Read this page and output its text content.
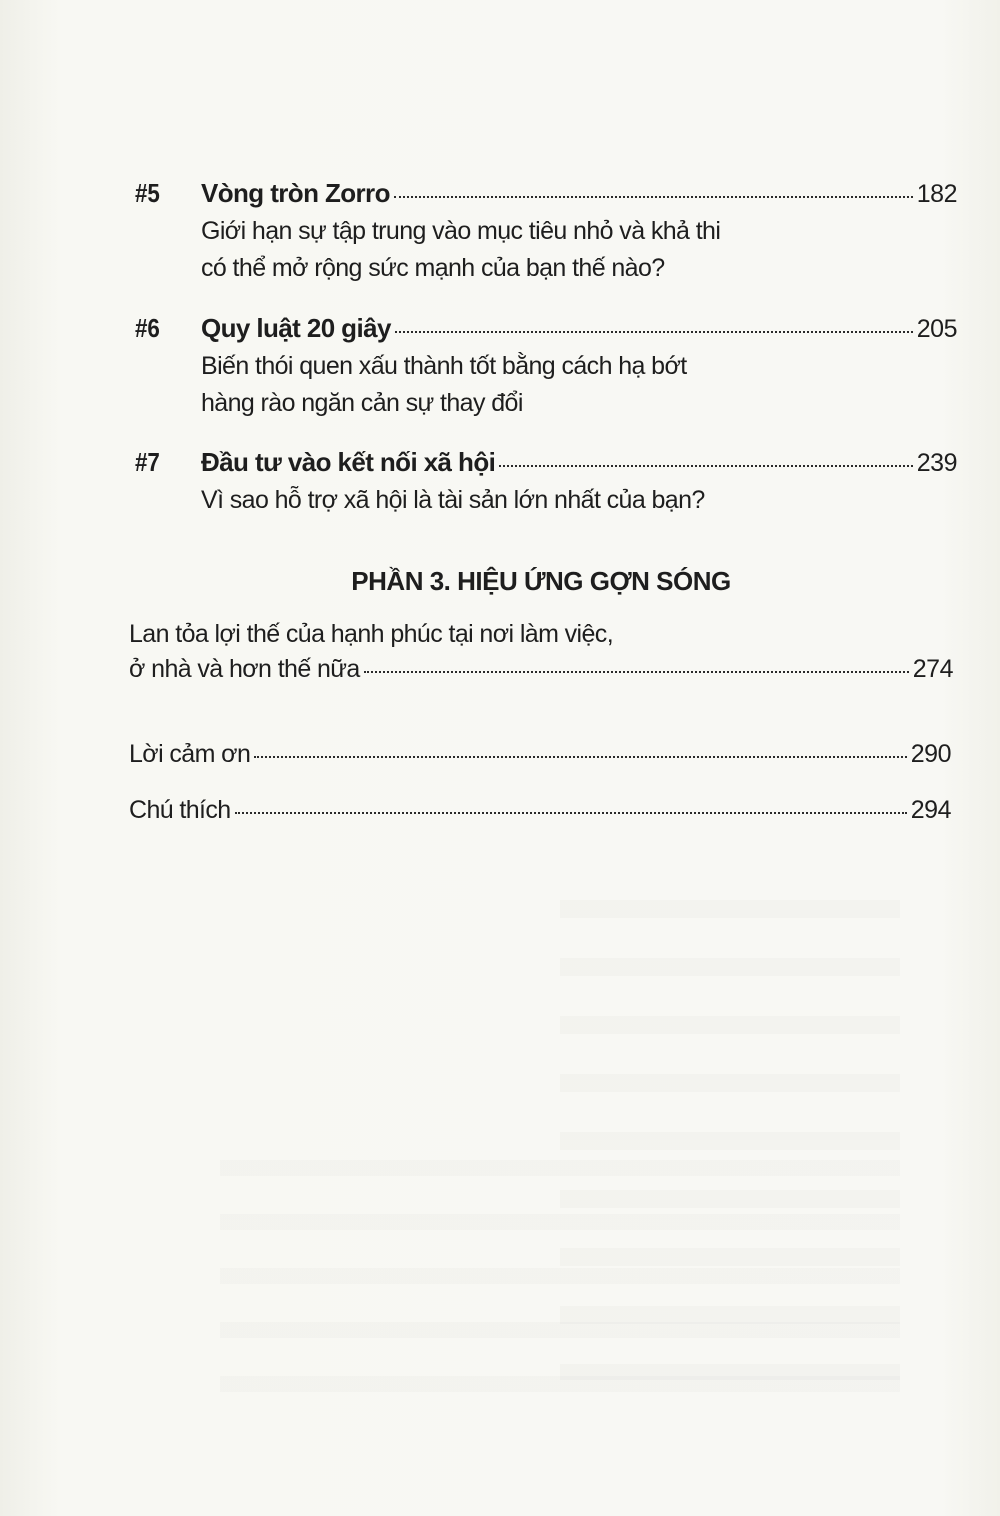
#5	Vòng tròn Zorro	182
Giới hạn sự tập trung vào mục tiêu nhỏ và khả thi
có thể mở rộng sức mạnh của bạn thế nào?
#6	Quy luật 20 giây	205
Biến thói quen xấu thành tốt bằng cách hạ bớt
hàng rào ngăn cản sự thay đổi
#7	Đầu tư vào kết nối xã hội	239
Vì sao hỗ trợ xã hội là tài sản lớn nhất của bạn?
PHẦN 3. HIỆU ỨNG GỢN SÓNG
Lan tỏa lợi thế của hạnh phúc tại nơi làm việc,
ở nhà và hơn thế nữa	274
Lời cảm ơn	290
Chú thích	294
